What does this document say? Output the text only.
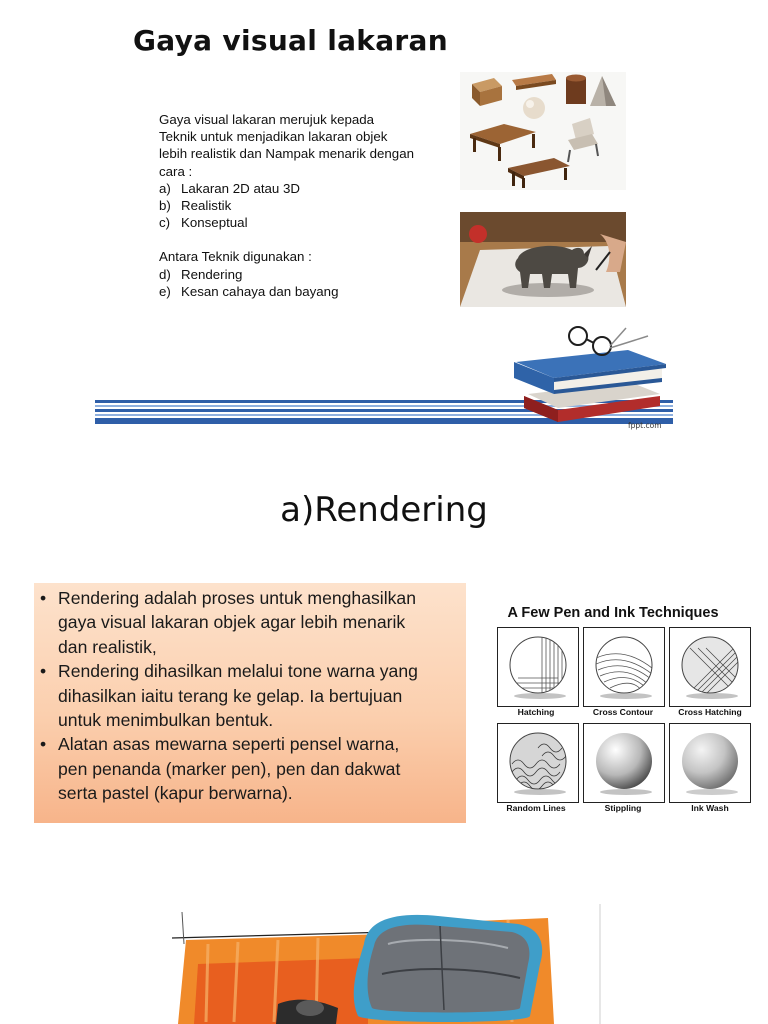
Gaya visual lakaran
Gaya visual lakaran merujuk kepada
Teknik untuk menjadikan lakaran objek
lebih realistik dan Nampak menarik dengan
cara :
a) Lakaran 2D atau 3D
b) Realistik
c) Konseptual
Antara Teknik digunakan :
d) Rendering
e) Kesan cahaya dan bayang
fppt.com
a)Rendering
• Rendering adalah proses untuk menghasilkan
gaya visual lakaran objek agar lebih menarik
dan realistik,
• Rendering dihasilkan melalui tone warna yang
dihasilkan iaitu terang ke gelap. Ia bertujuan
untuk menimbulkan bentuk.
• Alatan asas mewarna seperti pensel warna,
pen penanda (marker pen), pen dan dakwat
serta pastel (kapur berwarna).
A Few Pen and Ink Techniques
Hatching	Cross Contour	Cross Hatching
Random Lines	Stippling	Ink Wash
